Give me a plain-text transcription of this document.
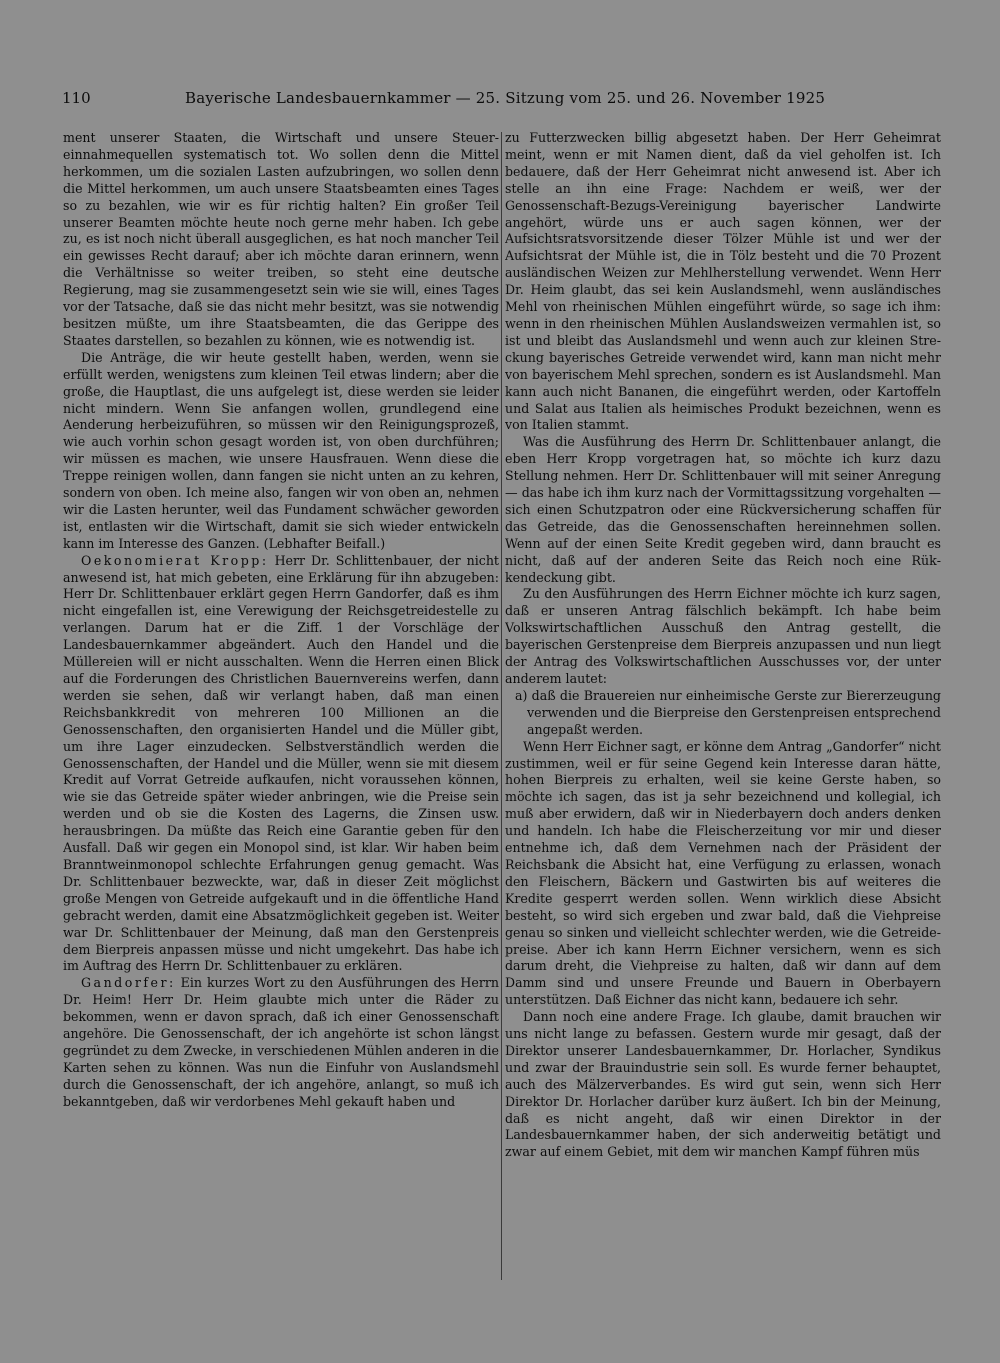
110	Bayerische Landesbauernkammer — 25. Sitzung vom 25. und 26. November 1925

ment unserer Staaten, die Wirtschaft und unsere Steuereinnahmequellen systematisch tot. Wo sollen denn die Mittel herkommen, um die sozialen Lasten aufzubringen, wo sollen denn die Mittel herkommen, um auch unsere Staatsbeamten eines Tages so zu bezahlen, wie wir es für richtig halten? Ein großer Teil unserer Beamten möchte heute noch gerne mehr haben. Ich gebe zu, es ist noch nicht überall ausgeglichen, es hat noch mancher Teil ein gewisses Recht darauf; aber ich möchte daran erinnern, wenn die Verhältnisse so weiter treiben, so steht eine deutsche Regierung, mag sie zusammengesetzt sein wie sie will, eines Tages vor der Tatsache, daß sie das nicht mehr besitzt, was sie notwendig besitzen müßte, um ihre Staatsbeamten, die das Gerippe des Staates darstellen, so bezahlen zu können, wie es notwendig ist.

Die Anträge, die wir heute gestellt haben, werden, wenn sie erfüllt werden, wenigstens zum kleinen Teil etwas lindern; aber die große, die Hauptlast, die uns aufgelegt ist, diese werden sie leider nicht mindern. Wenn Sie anfangen wollen, grundlegend eine Aenderung herbeizuführen, so müssen wir den Reinigungsprozeß, wie auch vorhin schon gesagt worden ist, von oben durchführen; wir müssen es machen, wie unsere Hausfrauen. Wenn diese die Treppe reinigen wollen, dann fangen sie nicht unten an zu kehren, sondern von oben. Ich meine also, fangen wir von oben an, nehmen wir die Lasten herunter, weil das Fundament schwächer geworden ist, entlasten wir die Wirtschaft, damit sie sich wieder entwickeln kann im Interesse des Ganzen. (Lebhafter Beifall.)

Oekonomierat Kropp: Herr Dr. Schlittenbauer, der nicht anwesend ist, hat mich gebeten, eine Erklärung für ihn abzugeben: Herr Dr. Schlittenbauer erklärt gegen Herrn Gandorfer, daß es ihm nicht eingefallen ist, eine Verewigung der Reichsgetreidestelle zu verlangen. Darum hat er die Ziff. 1 der Vorschläge der Landesbauernkammer abgeändert. Auch den Handel und die Müllereien will er nicht ausschalten. Wenn die Herren einen Blick auf die Forderungen des Christlichen Bauernvereins werfen, dann werden sie sehen, daß wir verlangt haben, daß man einen Reichsbankkredit von mehreren 100 Millionen an die Genossenschaften, den organisierten Handel und die Müller gibt, um ihre Lager einzudecken. Selbstverständlich werden die Genossenschaften, der Handel und die Müller, wenn sie mit diesem Kredit auf Vorrat Getreide aufkaufen, nicht voraussehen können, wie sie das Getreide später wieder anbringen, wie die Preise sein werden und ob sie die Kosten des Lagerns, die Zinsen usw. herausbringen. Da müßte das Reich eine Garantie geben für den Ausfall. Daß wir gegen ein Monopol sind, ist klar. Wir haben beim Branntweinmonopol schlechte Erfahrungen genug gemacht. Was Dr. Schlittenbauer bezweckte, war, daß in dieser Zeit möglichst große Mengen von Getreide aufgekauft und in die öffentliche Hand gebracht werden, damit eine Absatzmöglichkeit gegeben ist. Weiter war Dr. Schlittenbauer der Meinung, daß man den Gerstenpreis dem Bierpreis anpassen müsse und nicht umgekehrt. Das habe ich im Auftrag des Herrn Dr. Schlittenbauer zu erklären.

Gandorfer: Ein kurzes Wort zu den Ausführungen des Herrn Dr. Heim! Herr Dr. Heim glaubte mich unter die Räder zu bekommen, wenn er davon sprach, daß ich einer Genossenschaft angehöre. Die Genossenschaft, der ich angehörte ist schon längst gegründet zu dem Zwecke, in verschiedenen Mühlen anderen in die Karten sehen zu können. Was nun die Einfuhr von Auslandsmehl durch die Genossenschaft, der ich angehöre, anlangt, so muß ich bekanntgeben, daß wir verdorbenes Mehl gekauft haben und

zu Futterzwecken billig abgesetzt haben. Der Herr Geheimrat meint, wenn er mit Namen dient, daß da viel geholfen ist. Ich bedauere, daß der Herr Geheimrat nicht anwesend ist. Aber ich stelle an ihn eine Frage: Nachdem er weiß, wer der Genossenschaft-Bezugs-Vereinigung bayerischer Landwirte angehört, würde uns er auch sagen können, wer der Aufsichtsratsvorsitzende dieser Tölzer Mühle ist und wer der Aufsichtsrat der Mühle ist, die in Tölz besteht und die 70 Prozent ausländischen Weizen zur Mehlherstellung verwendet. Wenn Herr Dr. Heim glaubt, das sei kein Auslandsmehl, wenn ausländisches Mehl von rheinischen Mühlen eingeführt würde, so sage ich ihm: wenn in den rheinischen Mühlen Auslandsweizen vermahlen ist, so ist und bleibt das Auslandsmehl und wenn auch zur kleinen Streckung bayerisches Getreide verwendet wird, kann man nicht mehr von bayerischem Mehl sprechen, sondern es ist Auslandsmehl. Man kann auch nicht Bananen, die eingeführt werden, oder Kartoffeln und Salat aus Italien als heimisches Produkt bezeichnen, wenn es von Italien stammt.

Was die Ausführung des Herrn Dr. Schlittenbauer anlangt, die eben Herr Kropp vorgetragen hat, so möchte ich kurz dazu Stellung nehmen. Herr Dr. Schlittenbauer will mit seiner Anregung — das habe ich ihm kurz nach der Vormittagssitzung vorgehalten — sich einen Schutzpatron oder eine Rückversicherung schaffen für das Getreide, das die Genossenschaften hereinnehmen sollen. Wenn auf der einen Seite Kredit gegeben wird, dann braucht es nicht, daß auf der anderen Seite das Reich noch eine Rükkendeckung gibt.

Zu den Ausführungen des Herrn Eichner möchte ich kurz sagen, daß er unseren Antrag fälschlich bekämpft. Ich habe beim Volkswirtschaftlichen Ausschuß den Antrag gestellt, die bayerischen Gerstenpreise dem Bierpreis anzupassen und nun liegt der Antrag des Volkswirtschaftlichen Ausschusses vor, der unter anderem lautet:

a) daß die Brauereien nur einheimische Gerste zur Biererzeugung verwenden und die Bierpreise den Gerstenpreisen entsprechend angepaßt werden.

Wenn Herr Eichner sagt, er könne dem Antrag „Gandorfer“ nicht zustimmen, weil er für seine Gegend kein Interesse daran hätte, hohen Bierpreis zu erhalten, weil sie keine Gerste haben, so möchte ich sagen, das ist ja sehr bezeichnend und kollegial, ich muß aber erwidern, daß wir in Niederbayern doch anders denken und handeln. Ich habe die Fleischerzeitung vor mir und dieser entnehme ich, daß dem Vernehmen nach der Präsident der Reichsbank die Absicht hat, eine Verfügung zu erlassen, wonach den Fleischern, Bäckern und Gastwirten bis auf weiteres die Kredite gesperrt werden sollen. Wenn wirklich diese Absicht besteht, so wird sich ergeben und zwar bald, daß die Viehpreise genau so sinken und vielleicht schlechter werden, wie die Getreidepreise. Aber ich kann Herrn Eichner versichern, wenn es sich darum dreht, die Viehpreise zu halten, daß wir dann auf dem Damm sind und unsere Freunde und Bauern in Oberbayern unterstützen. Daß Eichner das nicht kann, bedauere ich sehr.

Dann noch eine andere Frage. Ich glaube, damit brauchen wir uns nicht lange zu befassen. Gestern wurde mir gesagt, daß der Direktor unserer Landesbauernkammer, Dr. Horlacher, Syndikus und zwar der Brauindustrie sein soll. Es wurde ferner behauptet, auch des Mälzerverbandes. Es wird gut sein, wenn sich Herr Direktor Dr. Horlacher darüber kurz äußert. Ich bin der Meinung, daß es nicht angeht, daß wir einen Direktor in der Landesbauernkammer haben, der sich anderweitig betätigt und zwar auf einem Gebiet, mit dem wir manchen Kampf führen müs
